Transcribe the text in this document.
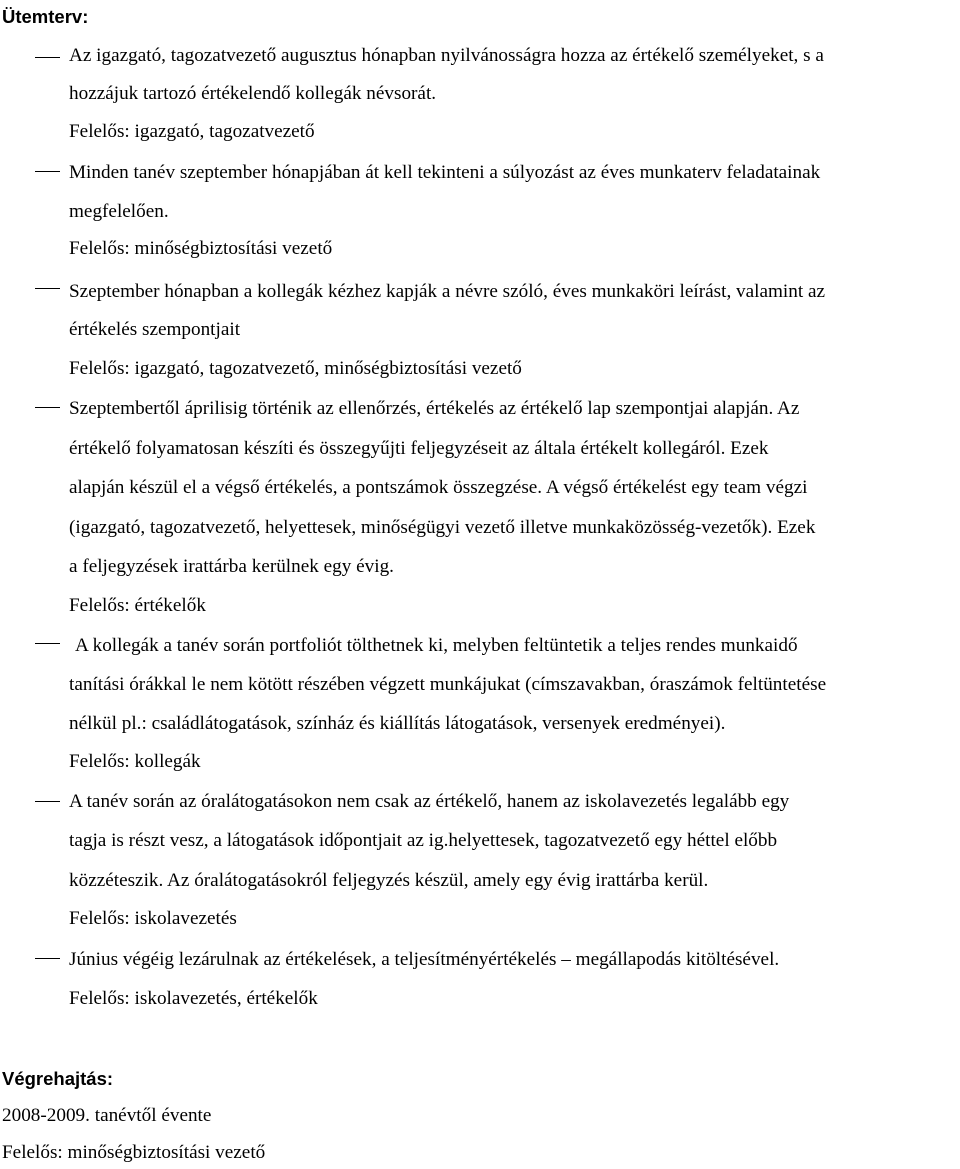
Ütemterv:
Az igazgató, tagozatvezető augusztus hónapban nyilvánosságra hozza az értékelő személyeket, s a
hozzájuk tartozó értékelendő kollegák névsorát.
Felelős: igazgató, tagozatvezető
Minden tanév szeptember hónapjában át kell tekinteni a súlyozást az éves munkaterv feladatainak
megfelelően.
Felelős: minőségbiztosítási vezető
Szeptember hónapban a kollegák kézhez kapják a névre szóló, éves munkaköri leírást, valamint az
értékelés szempontjait
Felelős: igazgató, tagozatvezető, minőségbiztosítási vezető
Szeptembertől áprilisig történik az ellenőrzés, értékelés az értékelő lap szempontjai alapján. Az
értékelő folyamatosan készíti és összegyűjti feljegyzéseit az általa értékelt kollegáról. Ezek
alapján készül el a végső értékelés, a pontszámok összegzése. A végső értékelést egy team végzi
(igazgató, tagozatvezető, helyettesek, minőségügyi vezető illetve munkaközösség-vezetők). Ezek
a feljegyzések irattárba kerülnek egy évig.
Felelős: értékelők
A kollegák a tanév során portfoliót tölthetnek ki, melyben feltüntetik a teljes rendes munkaidő
tanítási órákkal le nem kötött részében végzett munkájukat (címszavakban, óraszámok feltüntetése
nélkül pl.: családlátogatások, színház és kiállítás látogatások, versenyek eredményei).
Felelős: kollegák
A tanév során az óralátogatásokon nem csak az értékelő, hanem az iskolavezetés legalább egy
tagja is részt vesz, a látogatások időpontjait az ig.helyettesek, tagozatvezető egy héttel előbb
közzéteszik. Az óralátogatásokról feljegyzés készül, amely egy évig irattárba kerül.
Felelős: iskolavezetés
Június végéig lezárulnak az értékelések, a teljesítményértékelés – megállapodás kitöltésével.
Felelős: iskolavezetés, értékelők
Végrehajtás:
2008-2009. tanévtől évente
Felelős: minőségbiztosítási vezető
